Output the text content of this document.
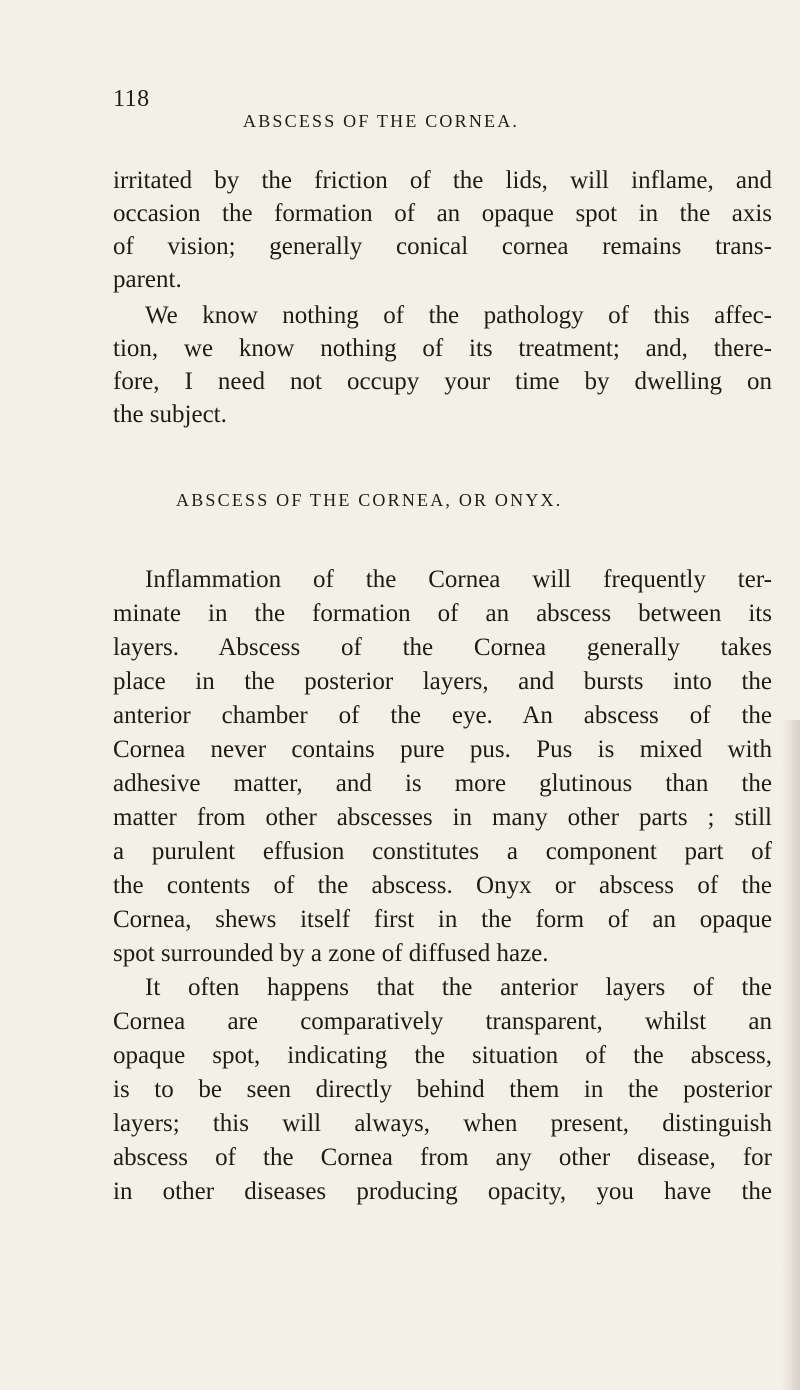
118
ABSCESS OF THE CORNEA.
irritated by the friction of the lids, will inflame, and
occasion the formation of an opaque spot in the axis
of vision; generally conical cornea remains trans-
parent.
We know nothing of the pathology of this affec-
tion, we know nothing of its treatment; and, there-
fore, I need not occupy your time by dwelling on
the subject.
ABSCESS OF THE CORNEA, OR ONYX.
Inflammation of the Cornea will frequently ter-
minate in the formation of an abscess between its
layers. Abscess of the Cornea generally takes
place in the posterior layers, and bursts into the
anterior chamber of the eye. An abscess of the
Cornea never contains pure pus. Pus is mixed with
adhesive matter, and is more glutinous than the
matter from other abscesses in many other parts ; still
a purulent effusion constitutes a component part of
the contents of the abscess. Onyx or abscess of the
Cornea, shews itself first in the form of an opaque
spot surrounded by a zone of diffused haze.
It often happens that the anterior layers of the
Cornea are comparatively transparent, whilst an
opaque spot, indicating the situation of the abscess,
is to be seen directly behind them in the posterior
layers; this will always, when present, distinguish
abscess of the Cornea from any other disease, for
in other diseases producing opacity, you have the
